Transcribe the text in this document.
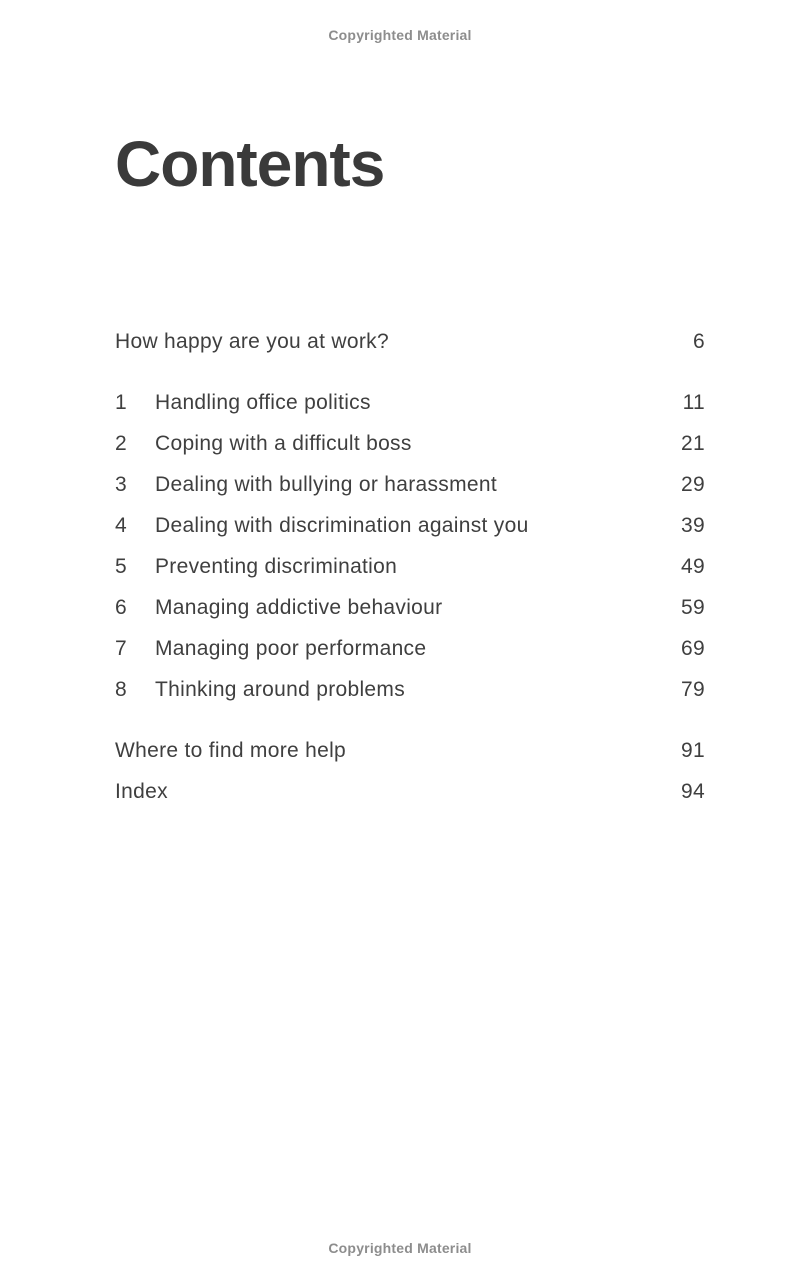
Copyrighted Material
Contents
How happy are you at work?	6
1	Handling office politics	11
2	Coping with a difficult boss	21
3	Dealing with bullying or harassment	29
4	Dealing with discrimination against you	39
5	Preventing discrimination	49
6	Managing addictive behaviour	59
7	Managing poor performance	69
8	Thinking around problems	79
Where to find more help	91
Index	94
Copyrighted Material
